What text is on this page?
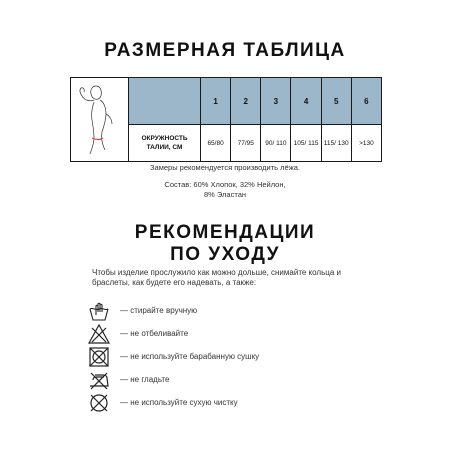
РАЗМЕРНАЯ ТАБЛИЦА
		1	2	3	4	5	6
	ОКРУЖНОСТЬ ТАЛИИ, СМ	65/80	77/95	90/ 110	105/ 115	115/ 130	>130
Замеры рекомендуется производить лёжа.
Состав: 60% Хлопок, 32% Нейлон,
8% Эластан
РЕКОМЕНДАЦИИ
ПО УХОДУ
Чтобы изделие прослужило как можно дольше, снимайте кольца и браслеты, как будете его надевать, а также:
— стирайте вручную
— не отбеливайте
— не используйте барабанную сушку
— не гладьте
— не используйте сухую чистку
